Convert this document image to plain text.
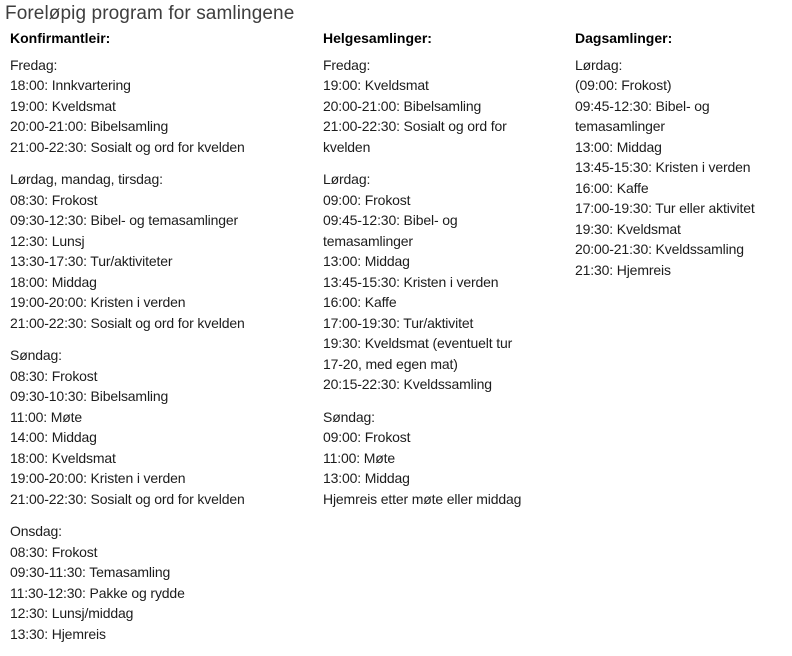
Foreløpig program for samlingene
Konfirmantleir:
Fredag:
18:00: Innkvartering
19:00: Kveldsmat
20:00-21:00: Bibelsamling
21:00-22:30: Sosialt og ord for kvelden
Lørdag, mandag, tirsdag:
08:30: Frokost
09:30-12:30: Bibel- og temasamlinger
12:30: Lunsj
13:30-17:30: Tur/aktiviteter
18:00: Middag
19:00-20:00: Kristen i verden
21:00-22:30: Sosialt og ord for kvelden
Søndag:
08:30: Frokost
09:30-10:30: Bibelsamling
11:00: Møte
14:00: Middag
18:00: Kveldsmat
19:00-20:00: Kristen i verden
21:00-22:30: Sosialt og ord for kvelden
Onsdag:
08:30: Frokost
09:30-11:30: Temasamling
11:30-12:30: Pakke og rydde
12:30: Lunsj/middag
13:30: Hjemreis
Helgesamlinger:
Fredag:
19:00: Kveldsmat
20:00-21:00: Bibelsamling
21:00-22:30: Sosialt og ord for
kvelden
Lørdag:
09:00: Frokost
09:45-12:30: Bibel- og
temasamlinger
13:00: Middag
13:45-15:30: Kristen i verden
16:00: Kaffe
17:00-19:30: Tur/aktivitet
19:30: Kveldsmat (eventuelt tur
17-20, med egen mat)
20:15-22:30: Kveldssamling
Søndag:
09:00: Frokost
11:00: Møte
13:00: Middag
Hjemreis etter møte eller middag
Dagsamlinger:
Lørdag:
(09:00: Frokost)
09:45-12:30: Bibel- og
temasamlinger
13:00: Middag
13:45-15:30: Kristen i verden
16:00: Kaffe
17:00-19:30: Tur eller aktivitet
19:30: Kveldsmat
20:00-21:30: Kveldssamling
21:30: Hjemreis
